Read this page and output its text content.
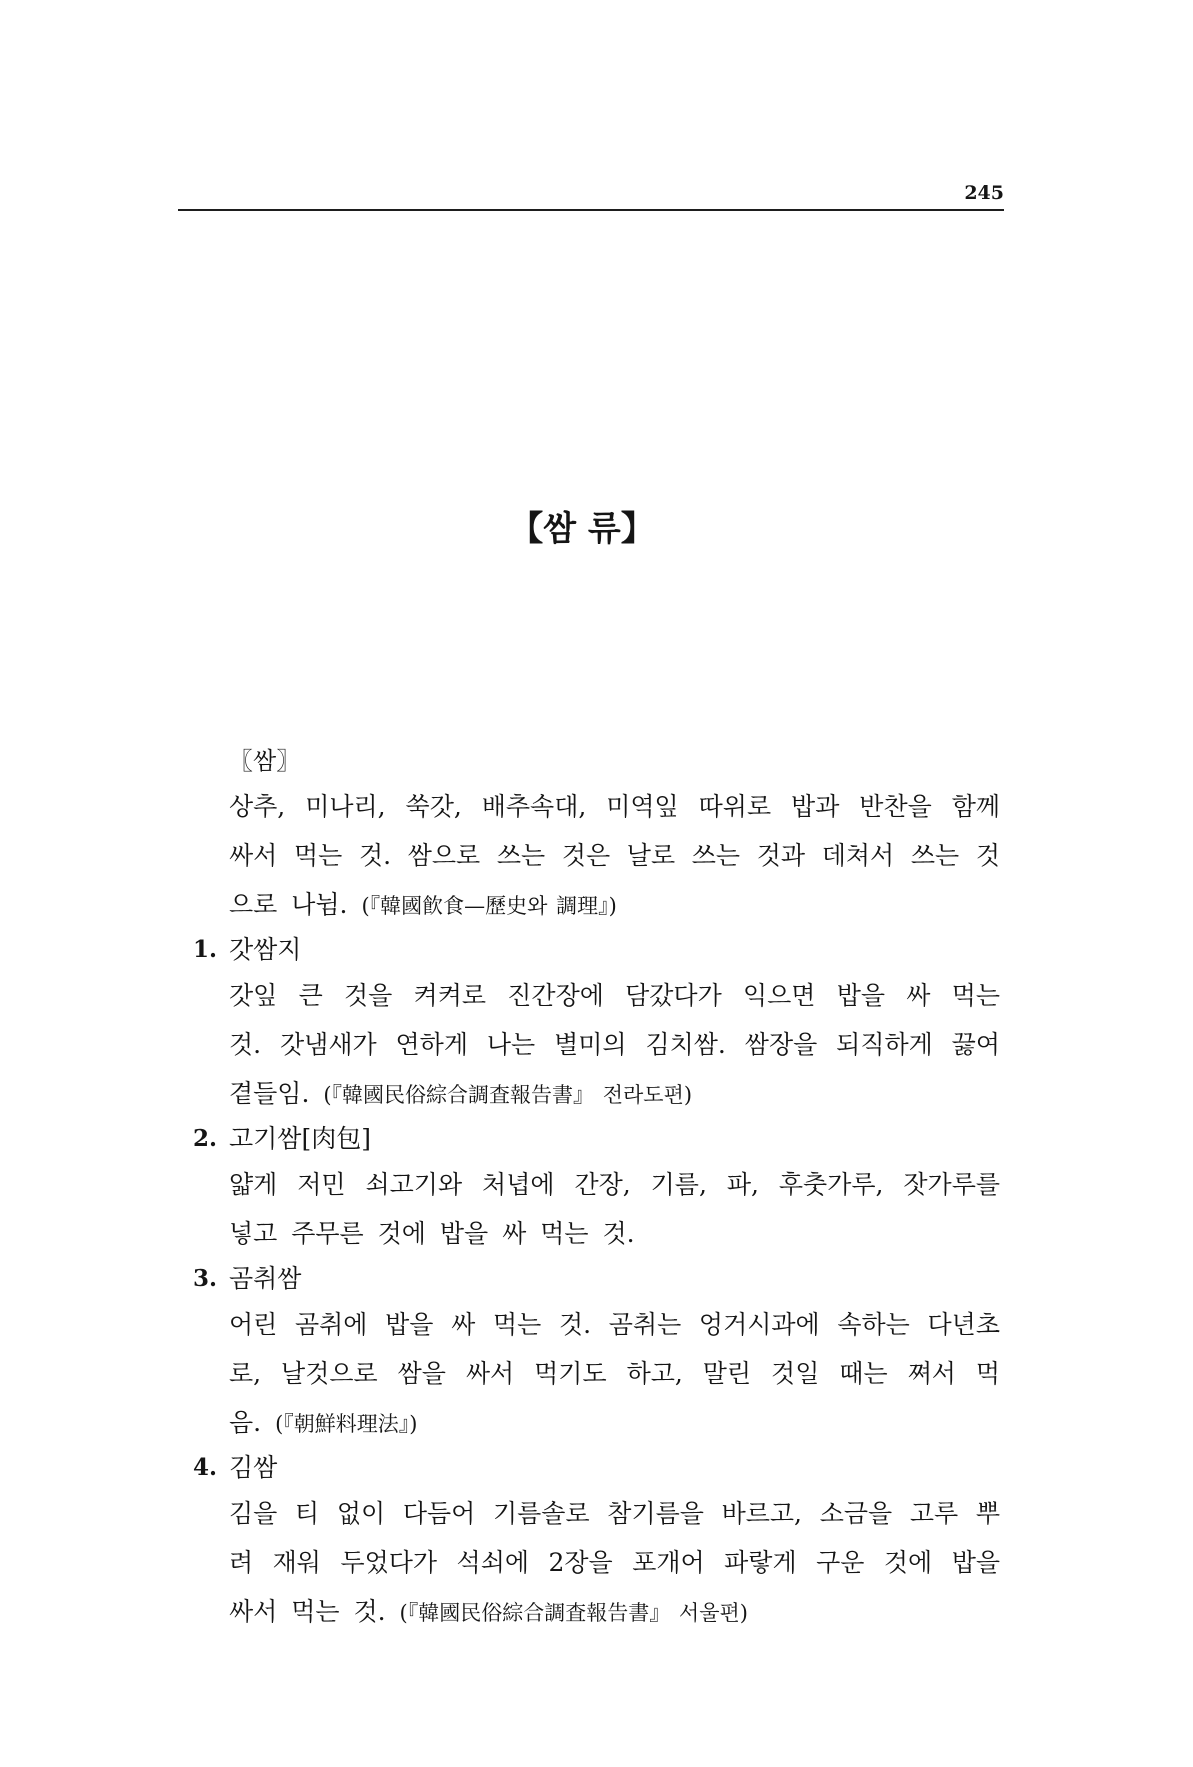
245
【쌈 류】
〖쌈〗
상추, 미나리, 쑥갓, 배추속대, 미역잎 따위로 밥과 반찬을 함께
싸서 먹는 것. 쌈으로 쓰는 것은 날로 쓰는 것과 데쳐서 쓰는 것
으로 나뉨. (『韓國飮食—歷史와 調理』)
1. 갓쌈지
갓잎 큰 것을 켜켜로 진간장에 담갔다가 익으면 밥을 싸 먹는
것. 갓냄새가 연하게 나는 별미의 김치쌈. 쌈장을 되직하게 끓여
곁들임. (『韓國民俗綜合調査報告書』 전라도편)
2. 고기쌈[肉包]
얇게 저민 쇠고기와 처녑에 간장, 기름, 파, 후춧가루, 잣가루를
넣고 주무른 것에 밥을 싸 먹는 것.
3. 곰취쌈
어린 곰취에 밥을 싸 먹는 것. 곰취는 엉거시과에 속하는 다년초
로, 날것으로 쌈을 싸서 먹기도 하고, 말린 것일 때는 쪄서 먹
음. (『朝鮮料理法』)
4. 김쌈
김을 티 없이 다듬어 기름솔로 참기름을 바르고, 소금을 고루 뿌
려 재워 두었다가 석쇠에 2장을 포개어 파랗게 구운 것에 밥을
싸서 먹는 것. (『韓國民俗綜合調査報告書』 서울편)
